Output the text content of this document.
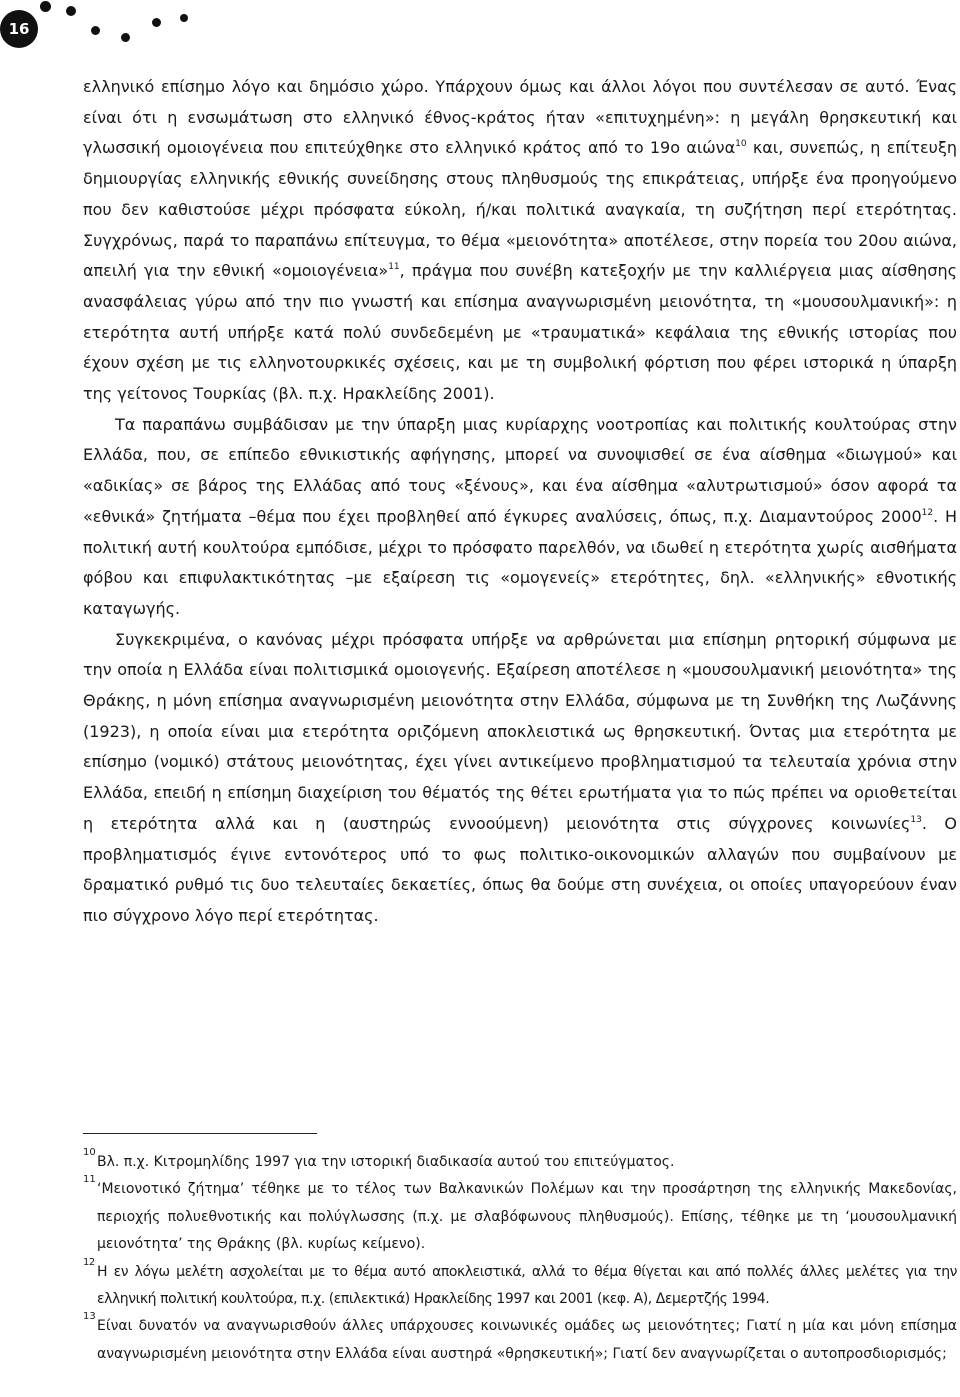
16

ελληνικό επίσημο λόγο και δημόσιο χώρο. Υπάρχουν όμως και άλλοι λόγοι που συντέλεσαν σε αυτό. Ένας είναι ότι η ενσωμάτωση στο ελληνικό έθνος-κράτος ήταν «επιτυχημένη»: η μεγάλη θρησκευτική και γλωσσική ομοιογένεια που επιτεύχθηκε στο ελληνικό κράτος από το 19ο αιώνα$^{10}$ και, συνεπώς, η επίτευξη δημιουργίας ελληνικής εθνικής συνείδησης στους πληθυσμούς της επικράτειας, υπήρξε ένα προηγούμενο που δεν καθιστούσε μέχρι πρόσφατα εύκολη, ή/και πολιτικά αναγκαία, τη συζήτηση περί ετερότητας. Συγχρόνως, παρά το παραπάνω επίτευγμα, το θέμα «μειονότητα» αποτέλεσε, στην πορεία του 20ου αιώνα, απειλή για την εθνική «ομοιογένεια»$^{11}$, πράγμα που συνέβη κατεξοχήν με την καλλιέργεια μιας αίσθησης ανασφάλειας γύρω από την πιο γνωστή και επίσημα αναγνωρισμένη μειονότητα, τη «μουσουλμανική»: η ετερότητα αυτή υπήρξε κατά πολύ συνδεδεμένη με «τραυματικά» κεφάλαια της εθνικής ιστορίας που έχουν σχέση με τις ελληνοτουρκικές σχέσεις, και με τη συμβολική φόρτιση που φέρει ιστορικά η ύπαρξη της γείτονος Τουρκίας (βλ. π.χ. Ηρακλείδης 2001).

Τα παραπάνω συμβάδισαν με την ύπαρξη μιας κυρίαρχης νοοτροπίας και πολιτικής κουλτούρας στην Ελλάδα, που, σε επίπεδο εθνικιστικής αφήγησης, μπορεί να συνοψισθεί σε ένα αίσθημα «διωγμού» και «αδικίας» σε βάρος της Ελλάδας από τους «ξένους», και ένα αίσθημα «αλυτρωτισμού» όσον αφορά τα «εθνικά» ζητήματα –θέμα που έχει προβληθεί από έγκυρες αναλύσεις, όπως, π.χ. Διαμαντούρος 2000$^{12}$. Η πολιτική αυτή κουλτούρα εμπόδισε, μέχρι το πρόσφατο παρελθόν, να ιδωθεί η ετερότητα χωρίς αισθήματα φόβου και επιφυλακτικότητας –με εξαίρεση τις «ομογενείς» ετερότητες, δηλ. «ελληνικής» εθνοτικής καταγωγής.

Συγκεκριμένα, ο κανόνας μέχρι πρόσφατα υπήρξε να αρθρώνεται μια επίσημη ρητορική σύμφωνα με την οποία η Ελλάδα είναι πολιτισμικά ομοιογενής. Εξαίρεση αποτέλεσε η «μουσουλμανική μειονότητα» της Θράκης, η μόνη επίσημα αναγνωρισμένη μειονότητα στην Ελλάδα, σύμφωνα με τη Συνθήκη της Λωζάννης (1923), η οποία είναι μια ετερότητα οριζόμενη αποκλειστικά ως θρησκευτική. Όντας μια ετερότητα με επίσημο (νομικό) στάτους μειονότητας, έχει γίνει αντικείμενο προβληματισμού τα τελευταία χρόνια στην Ελλάδα, επειδή η επίσημη διαχείριση του θέματός της θέτει ερωτήματα για το πώς πρέπει να οριοθετείται η ετερότητα αλλά και η (αυστηρώς εννοούμενη) μειονότητα στις σύγχρονες κοινωνίες$^{13}$. Ο προβληματισμός έγινε εντονότερος υπό το φως πολιτικο-οικονομικών αλλαγών που συμβαίνουν με δραματικό ρυθμό τις δυο τελευταίες δεκαετίες, όπως θα δούμε στη συνέχεια, οι οποίες υπαγορεύουν έναν πιο σύγχρονο λόγο περί ετερότητας.

10
Βλ. π.χ. Κιτρομηλίδης 1997 για την ιστορική διαδικασία αυτού του επιτεύγματος.

11
‘Μειονοτικό ζήτημα’ τέθηκε με το τέλος των Βαλκανικών Πολέμων και την προσάρτηση της ελληνικής Μακεδονίας, περιοχής πολυεθνοτικής και πολύγλωσσης (π.χ. με σλαβόφωνους πληθυσμούς). Επίσης, τέθηκε με τη ‘μουσουλμανική μειονότητα’ της Θράκης (βλ. κυρίως κείμενο).

12
Η εν λόγω μελέτη ασχολείται με το θέμα αυτό αποκλειστικά, αλλά το θέμα θίγεται και από πολλές άλλες μελέτες για την ελληνική πολιτική κουλτούρα, π.χ. (επιλεκτικά) Ηρακλείδης 1997 και 2001 (κεφ. Α), Δεμερτζής 1994.

13
Είναι δυνατόν να αναγνωρισθούν άλλες υπάρχουσες κοινωνικές ομάδες ως μειονότητες; Γιατί η μία και μόνη επίσημα αναγνωρισμένη μειονότητα στην Ελλάδα είναι αυστηρά «θρησκευτική»; Γιατί δεν αναγνωρίζεται ο αυτοπροσδιορισμός;
